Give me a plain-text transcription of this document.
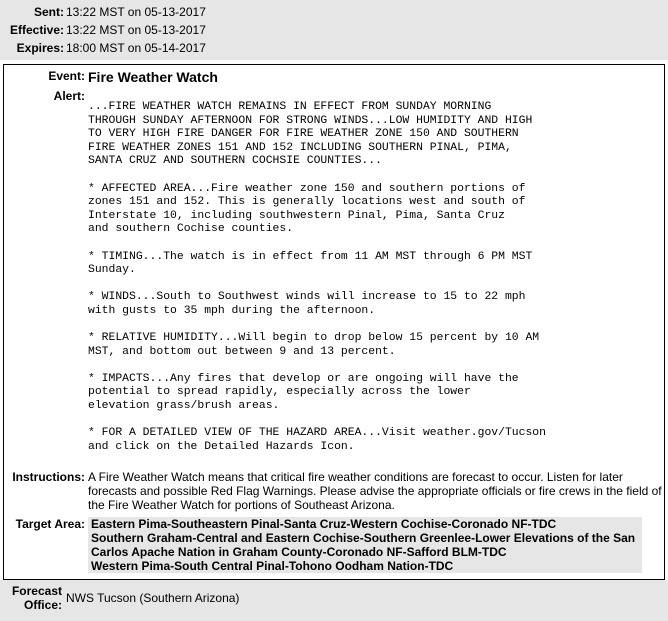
Sent: 13:22 MST on 05-13-2017
Effective: 13:22 MST on 05-13-2017
Expires: 18:00 MST on 05-14-2017
Event: Fire Weather Watch
Alert:
...FIRE WEATHER WATCH REMAINS IN EFFECT FROM SUNDAY MORNING
THROUGH SUNDAY AFTERNOON FOR STRONG WINDS...LOW HUMIDITY AND HIGH
TO VERY HIGH FIRE DANGER FOR FIRE WEATHER ZONE 150 AND SOUTHERN
FIRE WEATHER ZONES 151 AND 152 INCLUDING SOUTHERN PINAL, PIMA,
SANTA CRUZ AND SOUTHERN COCHSIE COUNTIES...

* AFFECTED AREA...Fire weather zone 150 and southern portions of
zones 151 and 152. This is generally locations west and south of
Interstate 10, including southwestern Pinal, Pima, Santa Cruz
and southern Cochise counties.

* TIMING...The watch is in effect from 11 AM MST through 6 PM MST
Sunday.

* WINDS...South to Southwest winds will increase to 15 to 22 mph
with gusts to 35 mph during the afternoon.

* RELATIVE HUMIDITY...Will begin to drop below 15 percent by 10 AM
MST, and bottom out between 9 and 13 percent.

* IMPACTS...Any fires that develop or are ongoing will have the
potential to spread rapidly, especially across the lower
elevation grass/brush areas.

* FOR A DETAILED VIEW OF THE HAZARD AREA...Visit weather.gov/Tucson
and click on the Detailed Hazards Icon.
Instructions: A Fire Weather Watch means that critical fire weather conditions are forecast to occur. Listen for later forecasts and possible Red Flag Warnings. Please advise the appropriate officials or fire crews in the field of the Fire Weather Watch for portions of Southeast Arizona.
Target Area: Eastern Pima-Southeastern Pinal-Santa Cruz-Western Cochise-Coronado NF-TDC
Southern Graham-Central and Eastern Cochise-Southern Greenlee-Lower Elevations of the San Carlos Apache Nation in Graham County-Coronado NF-Safford BLM-TDC
Western Pima-South Central Pinal-Tohono Oodham Nation-TDC
Forecast
Office: NWS Tucson (Southern Arizona)
